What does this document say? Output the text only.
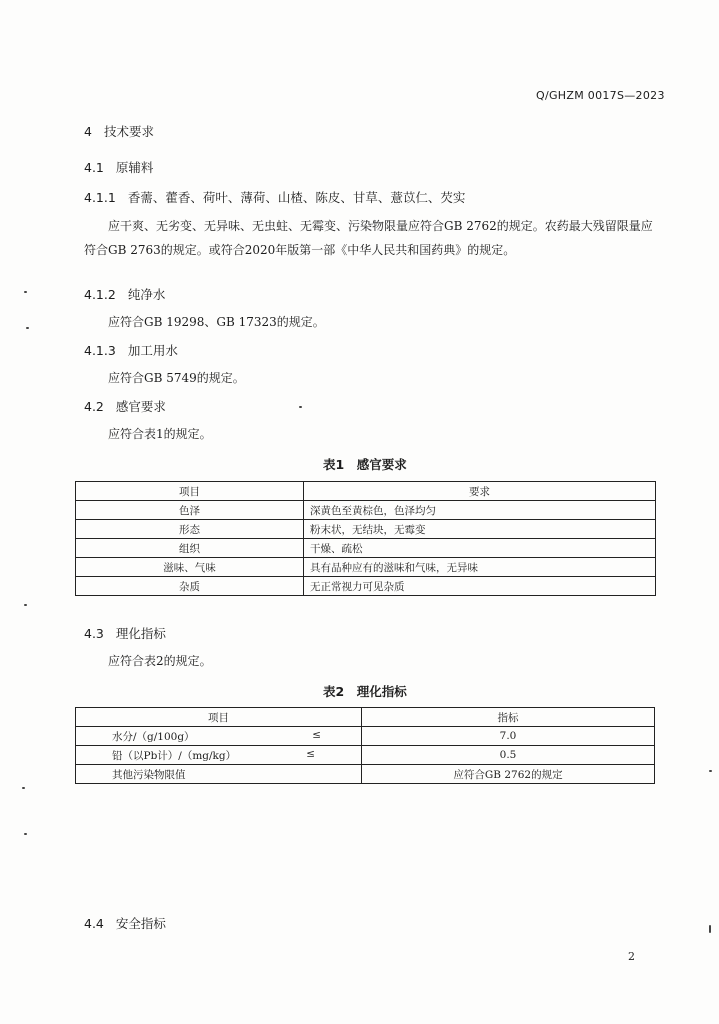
Q/GHZM 0017S—2023
4 技术要求
4.1 原辅料
4.1.1 香薷、藿香、荷叶、薄荷、山楂、陈皮、甘草、薏苡仁、芡实
应干爽、无劣变、无异味、无虫蛀、无霉变、污染物限量应符合GB 2762的规定。农药最大残留限量应符合GB 2763的规定。或符合2020年版第一部《中华人民共和国药典》的规定。
4.1.2 纯净水
应符合GB 19298、GB 17323的规定。
4.1.3 加工用水
应符合GB 5749的规定。
4.2 感官要求
应符合表1的规定。
表1　感官要求
项目	要求
色泽	深黄色至黄棕色，色泽均匀
形态	粉末状，无结块，无霉变
组织	干燥、疏松
滋味、气味	具有品种应有的滋味和气味，无异味
杂质	无正常视力可见杂质
4.3 理化指标
应符合表2的规定。
表2　理化指标
项目	指标
水分/（g/100g） ≤	7.0
铅（以Pb计）/（mg/kg） ≤	0.5
其他污染物限值	应符合GB 2762的规定
4.4 安全指标
2
